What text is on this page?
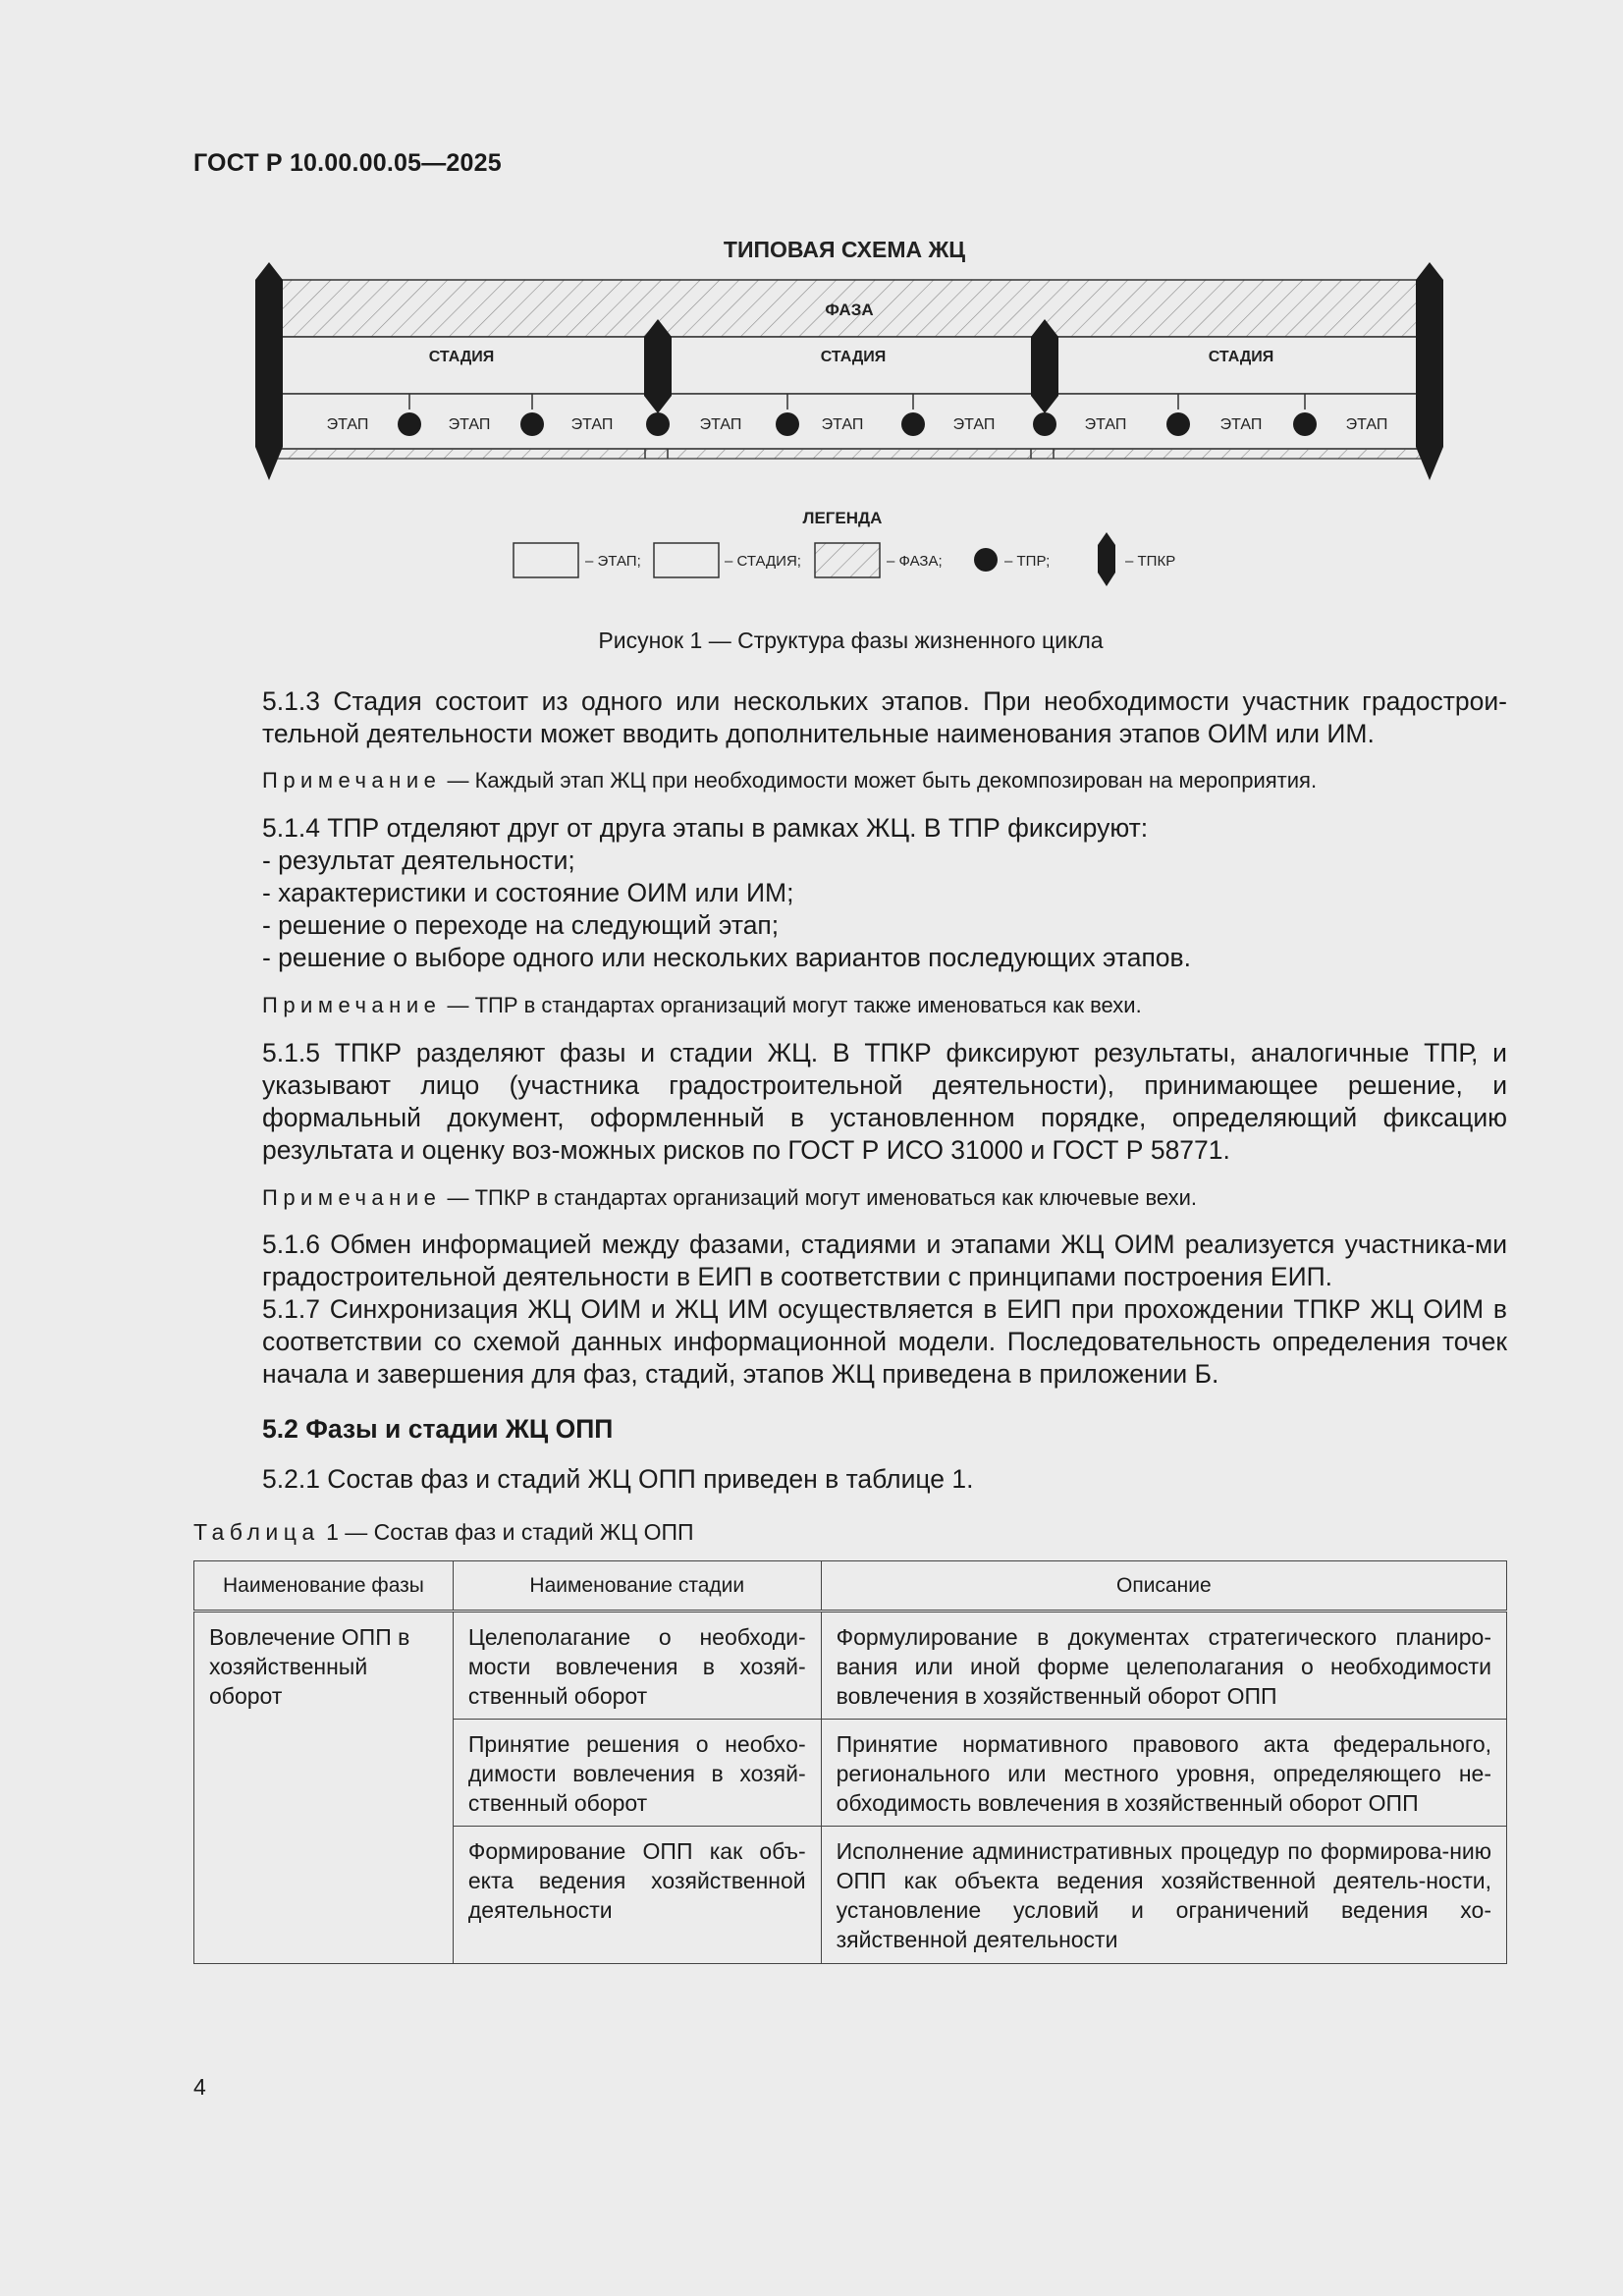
ГОСТ Р 10.00.00.05—2025
ТИПОВАЯ СХЕМА ЖЦ
ФАЗА
СТАДИЯ	СТАДИЯ	СТАДИЯ
ЭТАП	ЭТАП	ЭТАП	ЭТАП	ЭТАП	ЭТАП	ЭТАП	ЭТАП	ЭТАП
ЛЕГЕНДА
– ЭТАП;	– СТАДИЯ;	– ФАЗА;	– ТПР;	– ТПКР
Рисунок 1 — Структура фазы жизненного цикла
5.1.3 Стадия состоит из одного или нескольких этапов. При необходимости участник градострои-тельной деятельности может вводить дополнительные наименования этапов ОИМ или ИМ.
Примечание — Каждый этап ЖЦ при необходимости может быть декомпозирован на мероприятия.
5.1.4 ТПР отделяют друг от друга этапы в рамках ЖЦ. В ТПР фиксируют:
- результат деятельности;
- характеристики и состояние ОИМ или ИМ;
- решение о переходе на следующий этап;
- решение о выборе одного или нескольких вариантов последующих этапов.
Примечание — ТПР в стандартах организаций могут также именоваться как вехи.
5.1.5 ТПКР разделяют фазы и стадии ЖЦ. В ТПКР фиксируют результаты, аналогичные ТПР, и указывают лицо (участника градостроительной деятельности), принимающее решение, и формальный документ, оформленный в установленном порядке, определяющий фиксацию результата и оценку воз-можных рисков по ГОСТ Р ИСО 31000 и ГОСТ Р 58771.
Примечание — ТПКР в стандартах организаций могут именоваться как ключевые вехи.
5.1.6 Обмен информацией между фазами, стадиями и этапами ЖЦ ОИМ реализуется участника-ми градостроительной деятельности в ЕИП в соответствии с принципами построения ЕИП.
5.1.7 Синхронизация ЖЦ ОИМ и ЖЦ ИМ осуществляется в ЕИП при прохождении ТПКР ЖЦ ОИМ в соответствии со схемой данных информационной модели. Последовательность определения точек начала и завершения для фаз, стадий, этапов ЖЦ приведена в приложении Б.
5.2 Фазы и стадии ЖЦ ОПП
5.2.1 Состав фаз и стадий ЖЦ ОПП приведен в таблице 1.
Таблица 1 — Состав фаз и стадий ЖЦ ОПП
Наименование фазы	Наименование стадии	Описание
Вовлечение ОПП в хозяйственный оборот	Целеполагание о необходи-мости вовлечения в хозяй-ственный оборот	Формулирование в документах стратегического планиро-вания или иной форме целеполагания о необходимости вовлечения в хозяйственный оборот ОПП
	Принятие решения о необхо-димости вовлечения в хозяй-ственный оборот	Принятие нормативного правового акта федерального, регионального или местного уровня, определяющего не-обходимость вовлечения в хозяйственный оборот ОПП
	Формирование ОПП как объ-екта ведения хозяйственной деятельности	Исполнение административных процедур по формирова-нию ОПП как объекта ведения хозяйственной деятель-ности, установление условий и ограничений ведения хо-зяйственной деятельности
4
